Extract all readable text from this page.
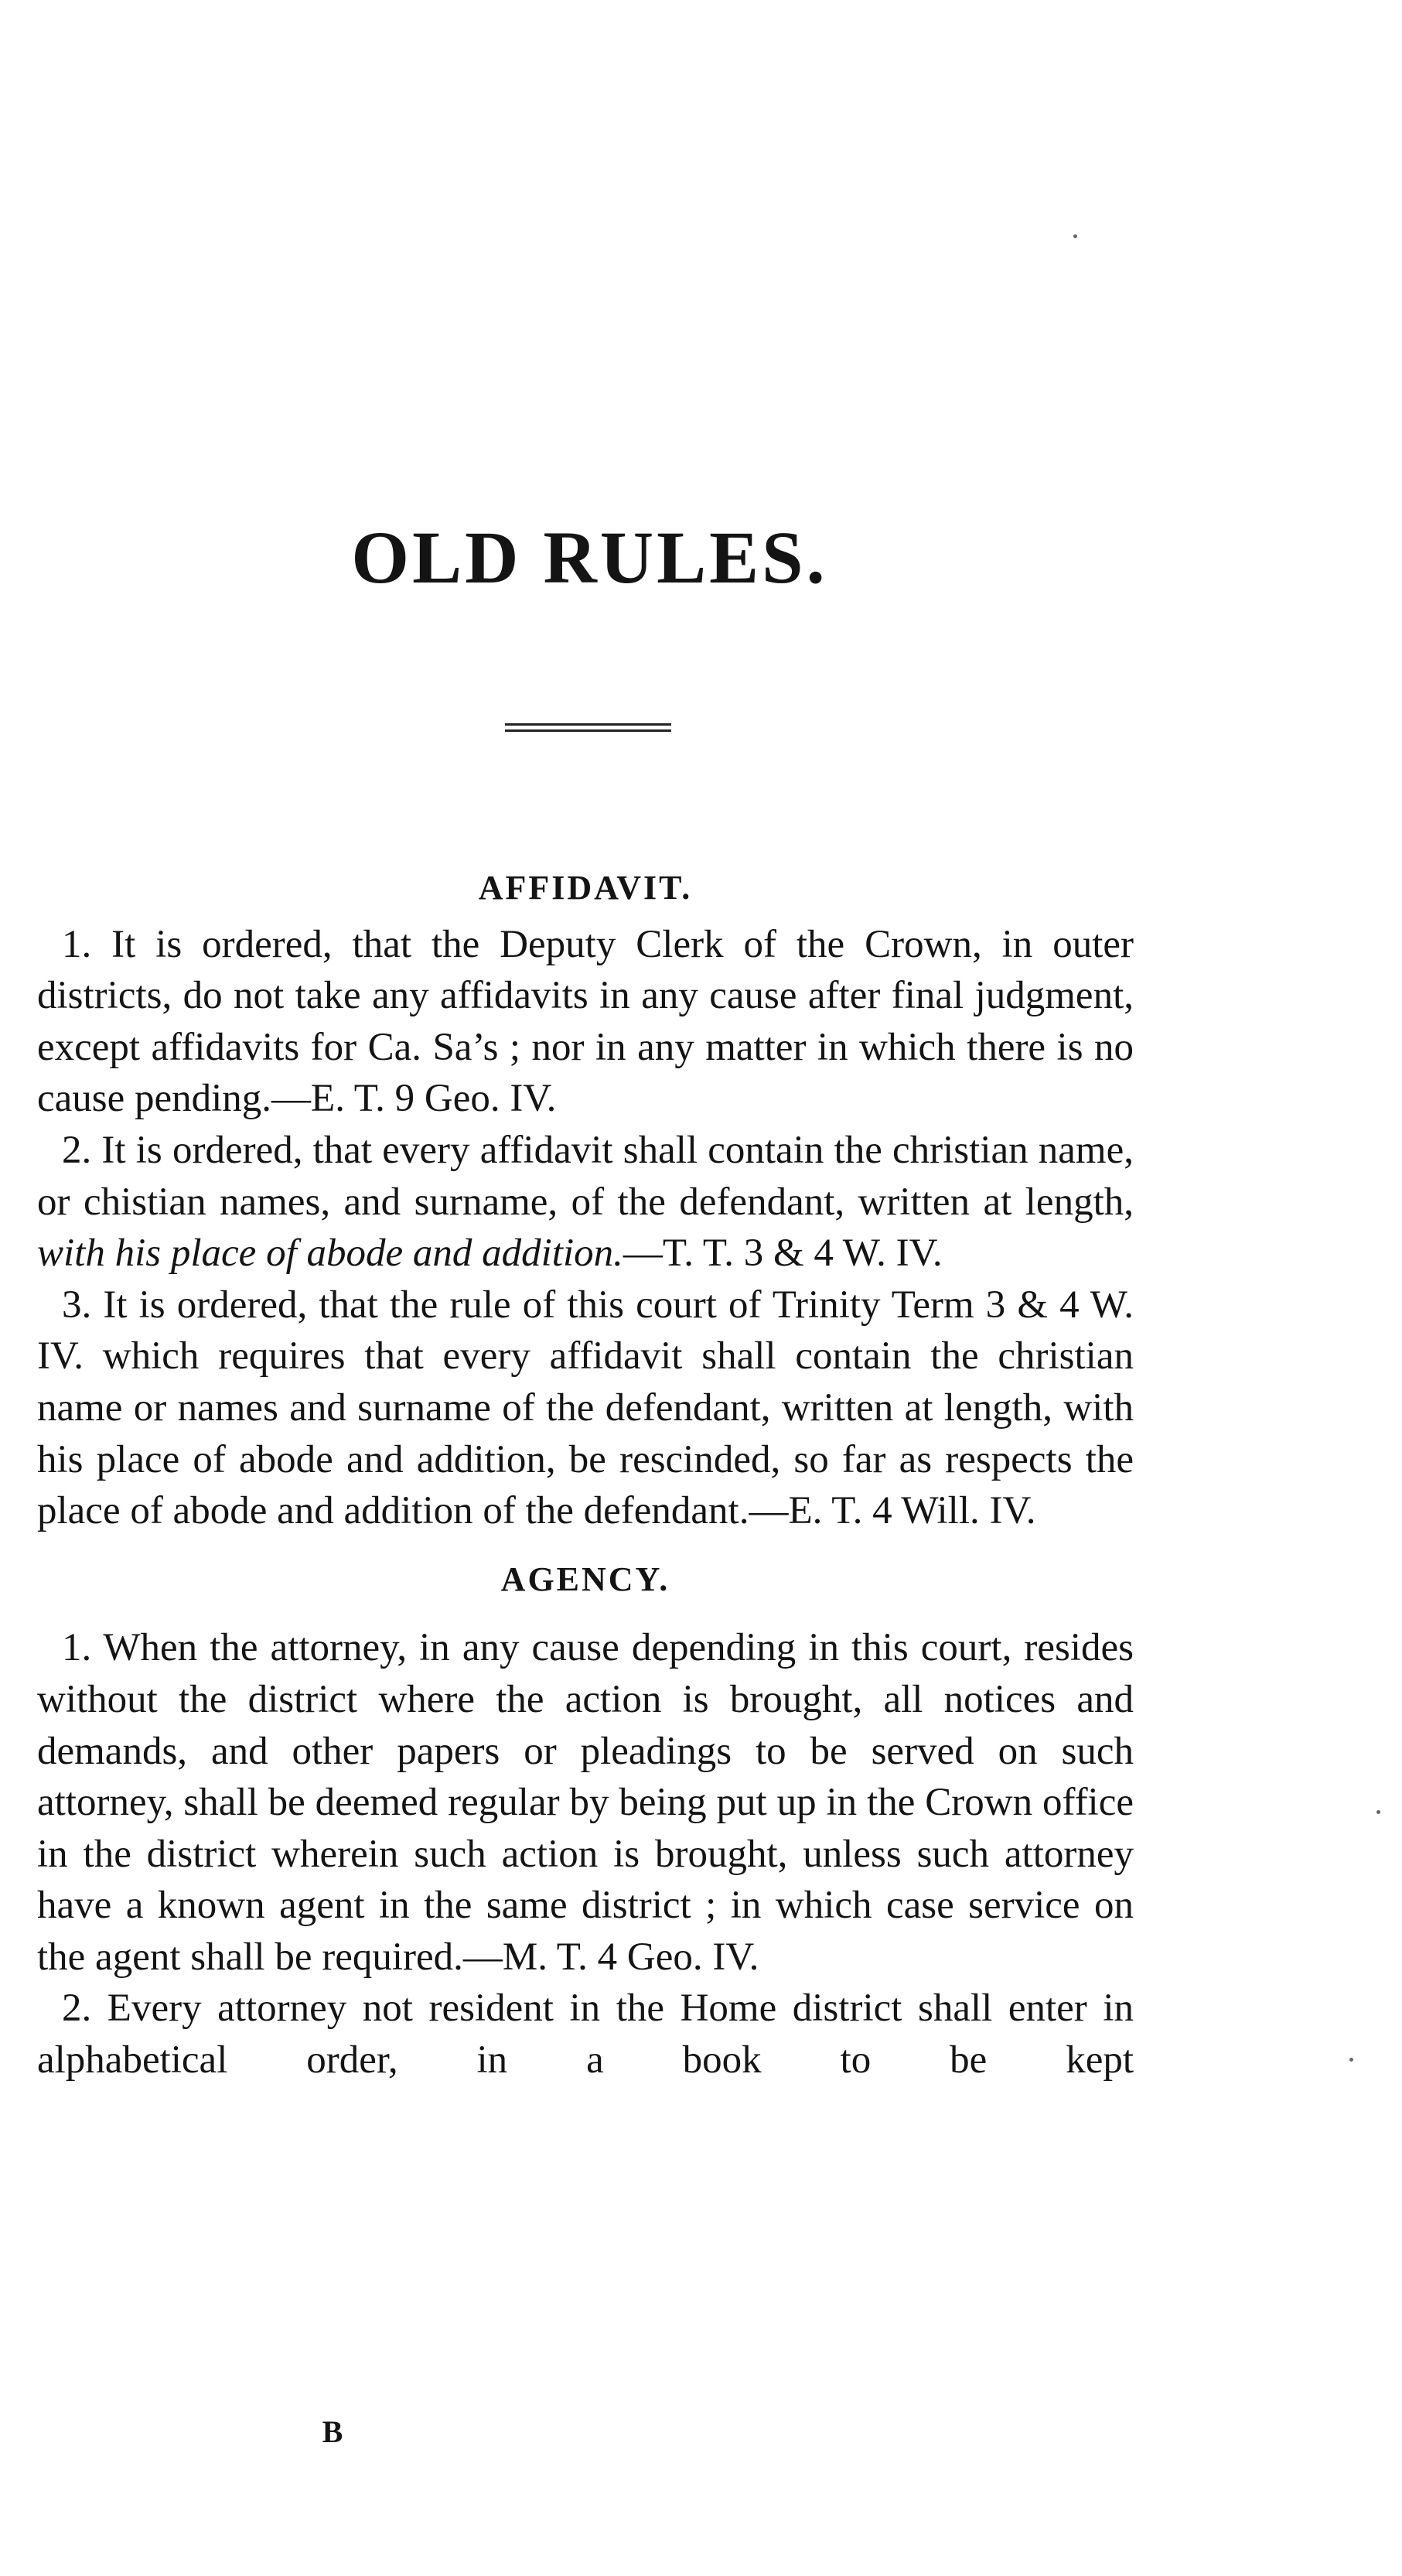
OLD RULES.
AFFIDAVIT.

1. It is ordered, that the Deputy Clerk of the Crown, in outer districts, do not take any affidavits in any cause after final judgment, except affidavits for Ca. Sa’s ; nor in any matter in which there is no cause pending.—E. T. 9 Geo. IV.

2. It is ordered, that every affidavit shall contain the christian name, or chistian names, and surname, of the defendant, written at length, with his place of abode and addition.—T. T. 3 & 4 W. IV.

3. It is ordered, that the rule of this court of Trinity Term 3 & 4 W. IV. which requires that every affidavit shall contain the christian name or names and surname of the defendant, written at length, with his place of abode and addition, be rescinded, so far as respects the place of abode and addition of the defendant.—E. T. 4 Will. IV.

AGENCY.

1. When the attorney, in any cause depending in this court, resides without the district where the action is brought, all notices and demands, and other papers or pleadings to be served on such attorney, shall be deemed regular by being put up in the Crown office in the district wherein such action is brought, unless such attorney have a known agent in the same district ; in which case service on the agent shall be required.—M. T. 4 Geo. IV.

2. Every attorney not resident in the Home district shall enter in alphabetical order, in a book to be kept

B
